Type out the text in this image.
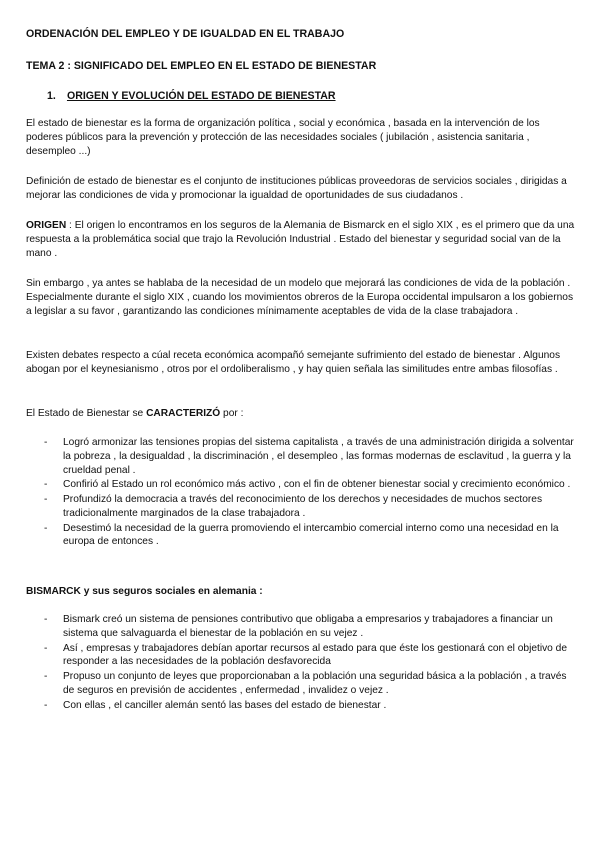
ORDENACIÓN DEL EMPLEO Y DE IGUALDAD EN EL TRABAJO
TEMA 2 : SIGNIFICADO DEL EMPLEO EN EL ESTADO DE BIENESTAR
1. ORIGEN Y EVOLUCIÓN DEL ESTADO DE BIENESTAR

El estado de bienestar es la forma de organización política , social y económica , basada en la intervención de los poderes públicos para la prevención y protección de las necesidades sociales ( jubilación , asistencia sanitaria , desempleo ...)

Definición de estado de bienestar es el conjunto de instituciones públicas proveedoras de servicios sociales , dirigidas a mejorar las condiciones de vida y promocionar la igualdad de oportunidades de sus ciudadanos .

ORIGEN : El origen lo encontramos en los seguros de la Alemania de Bismarck en el siglo XIX , es el primero que da una respuesta a la problemática social que trajo la Revolución Industrial . Estado del bienestar y seguridad social van de la mano .

Sin embargo , ya antes se hablaba de la necesidad de un modelo que mejorará las condiciones de vida de la población . Especialmente durante el siglo XIX , cuando los movimientos obreros de la Europa occidental impulsaron a los gobiernos a legislar a su favor , garantizando las condiciones mínimamente aceptables de vida de la clase trabajadora .

Existen debates respecto a cúal receta económica acompañó semejante sufrimiento del estado de bienestar . Algunos abogan por el keynesianismo , otros por el ordoliberalismo , y hay quien señala las similitudes entre ambas filosofías .

El Estado de Bienestar se CARACTERIZÓ por :

- Logró armonizar las tensiones propias del sistema capitalista , a través de una administración dirigida a solventar la pobreza , la desigualdad , la discriminación , el desempleo , las formas modernas de esclavitud , la guerra y la crueldad penal .
- Confirió al Estado un rol económico más activo , con el fin de obtener bienestar social y crecimiento económico .
- Profundizó la democracia a través del reconocimiento de los derechos y necesidades de muchos sectores tradicionalmente marginados de la clase trabajadora .
- Desestimó la necesidad de la guerra promoviendo el intercambio comercial interno como una necesidad en la europa de entonces .
BISMARCK y sus seguros sociales en alemania :
- Bismark creó un sistema de pensiones contributivo que obligaba a empresarios y trabajadores a financiar un sistema que salvaguarda el bienestar de la población en su vejez .
- Así , empresas y trabajadores debían aportar recursos al estado para que éste los gestionará con el objetivo de responder a las necesidades de la población desfavorecida
- Propuso un conjunto de leyes que proporcionaban a la población una seguridad básica a la población , a través de seguros en previsión de accidentes , enfermedad , invalidez o vejez .
- Con ellas , el canciller alemán sentó las bases del estado de bienestar .
